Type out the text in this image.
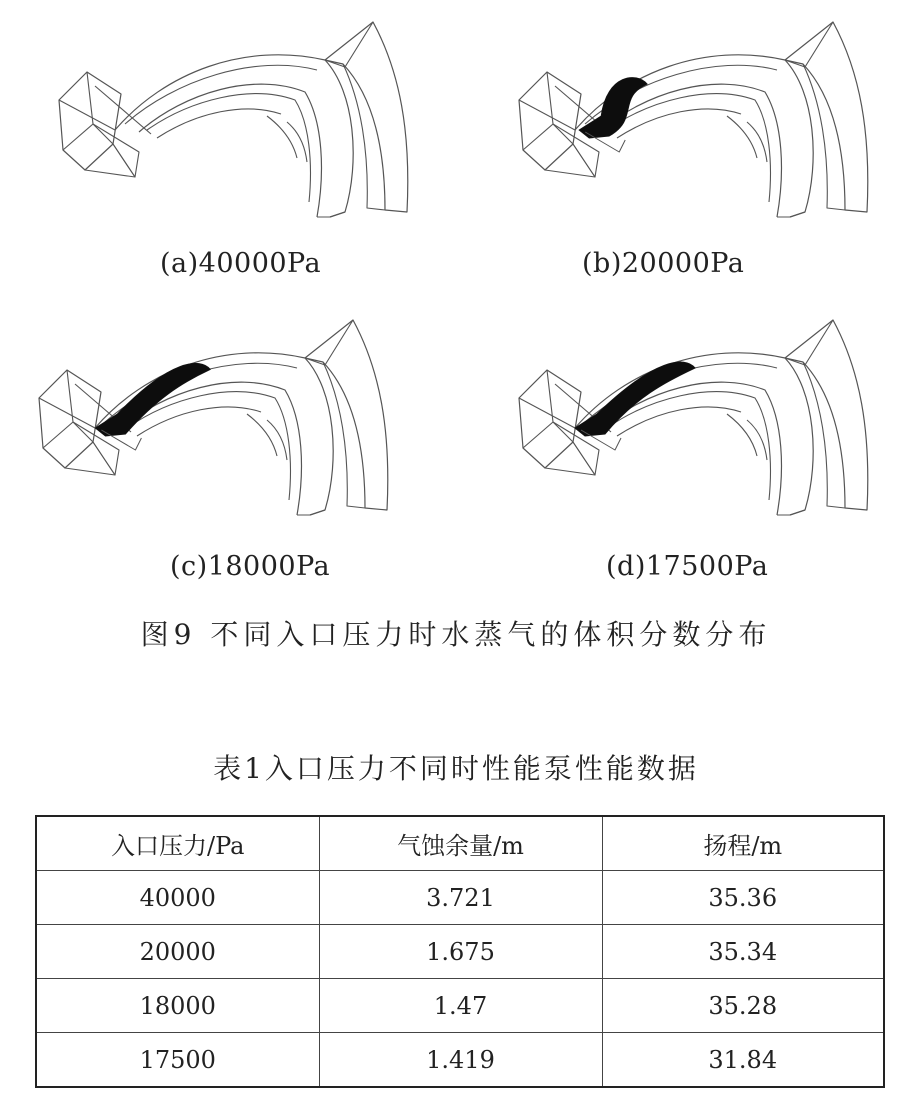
(a)40000Pa	(b)20000Pa
(c)18000Pa	(d)17500Pa
图9 不同入口压力时水蒸气的体积分数分布
表1入口压力不同时性能泵性能数据
入口压力/Pa	气蚀余量/m	扬程/m
40000	3.721	35.36
20000	1.675	35.34
18000	1.47	35.28
17500	1.419	31.84
